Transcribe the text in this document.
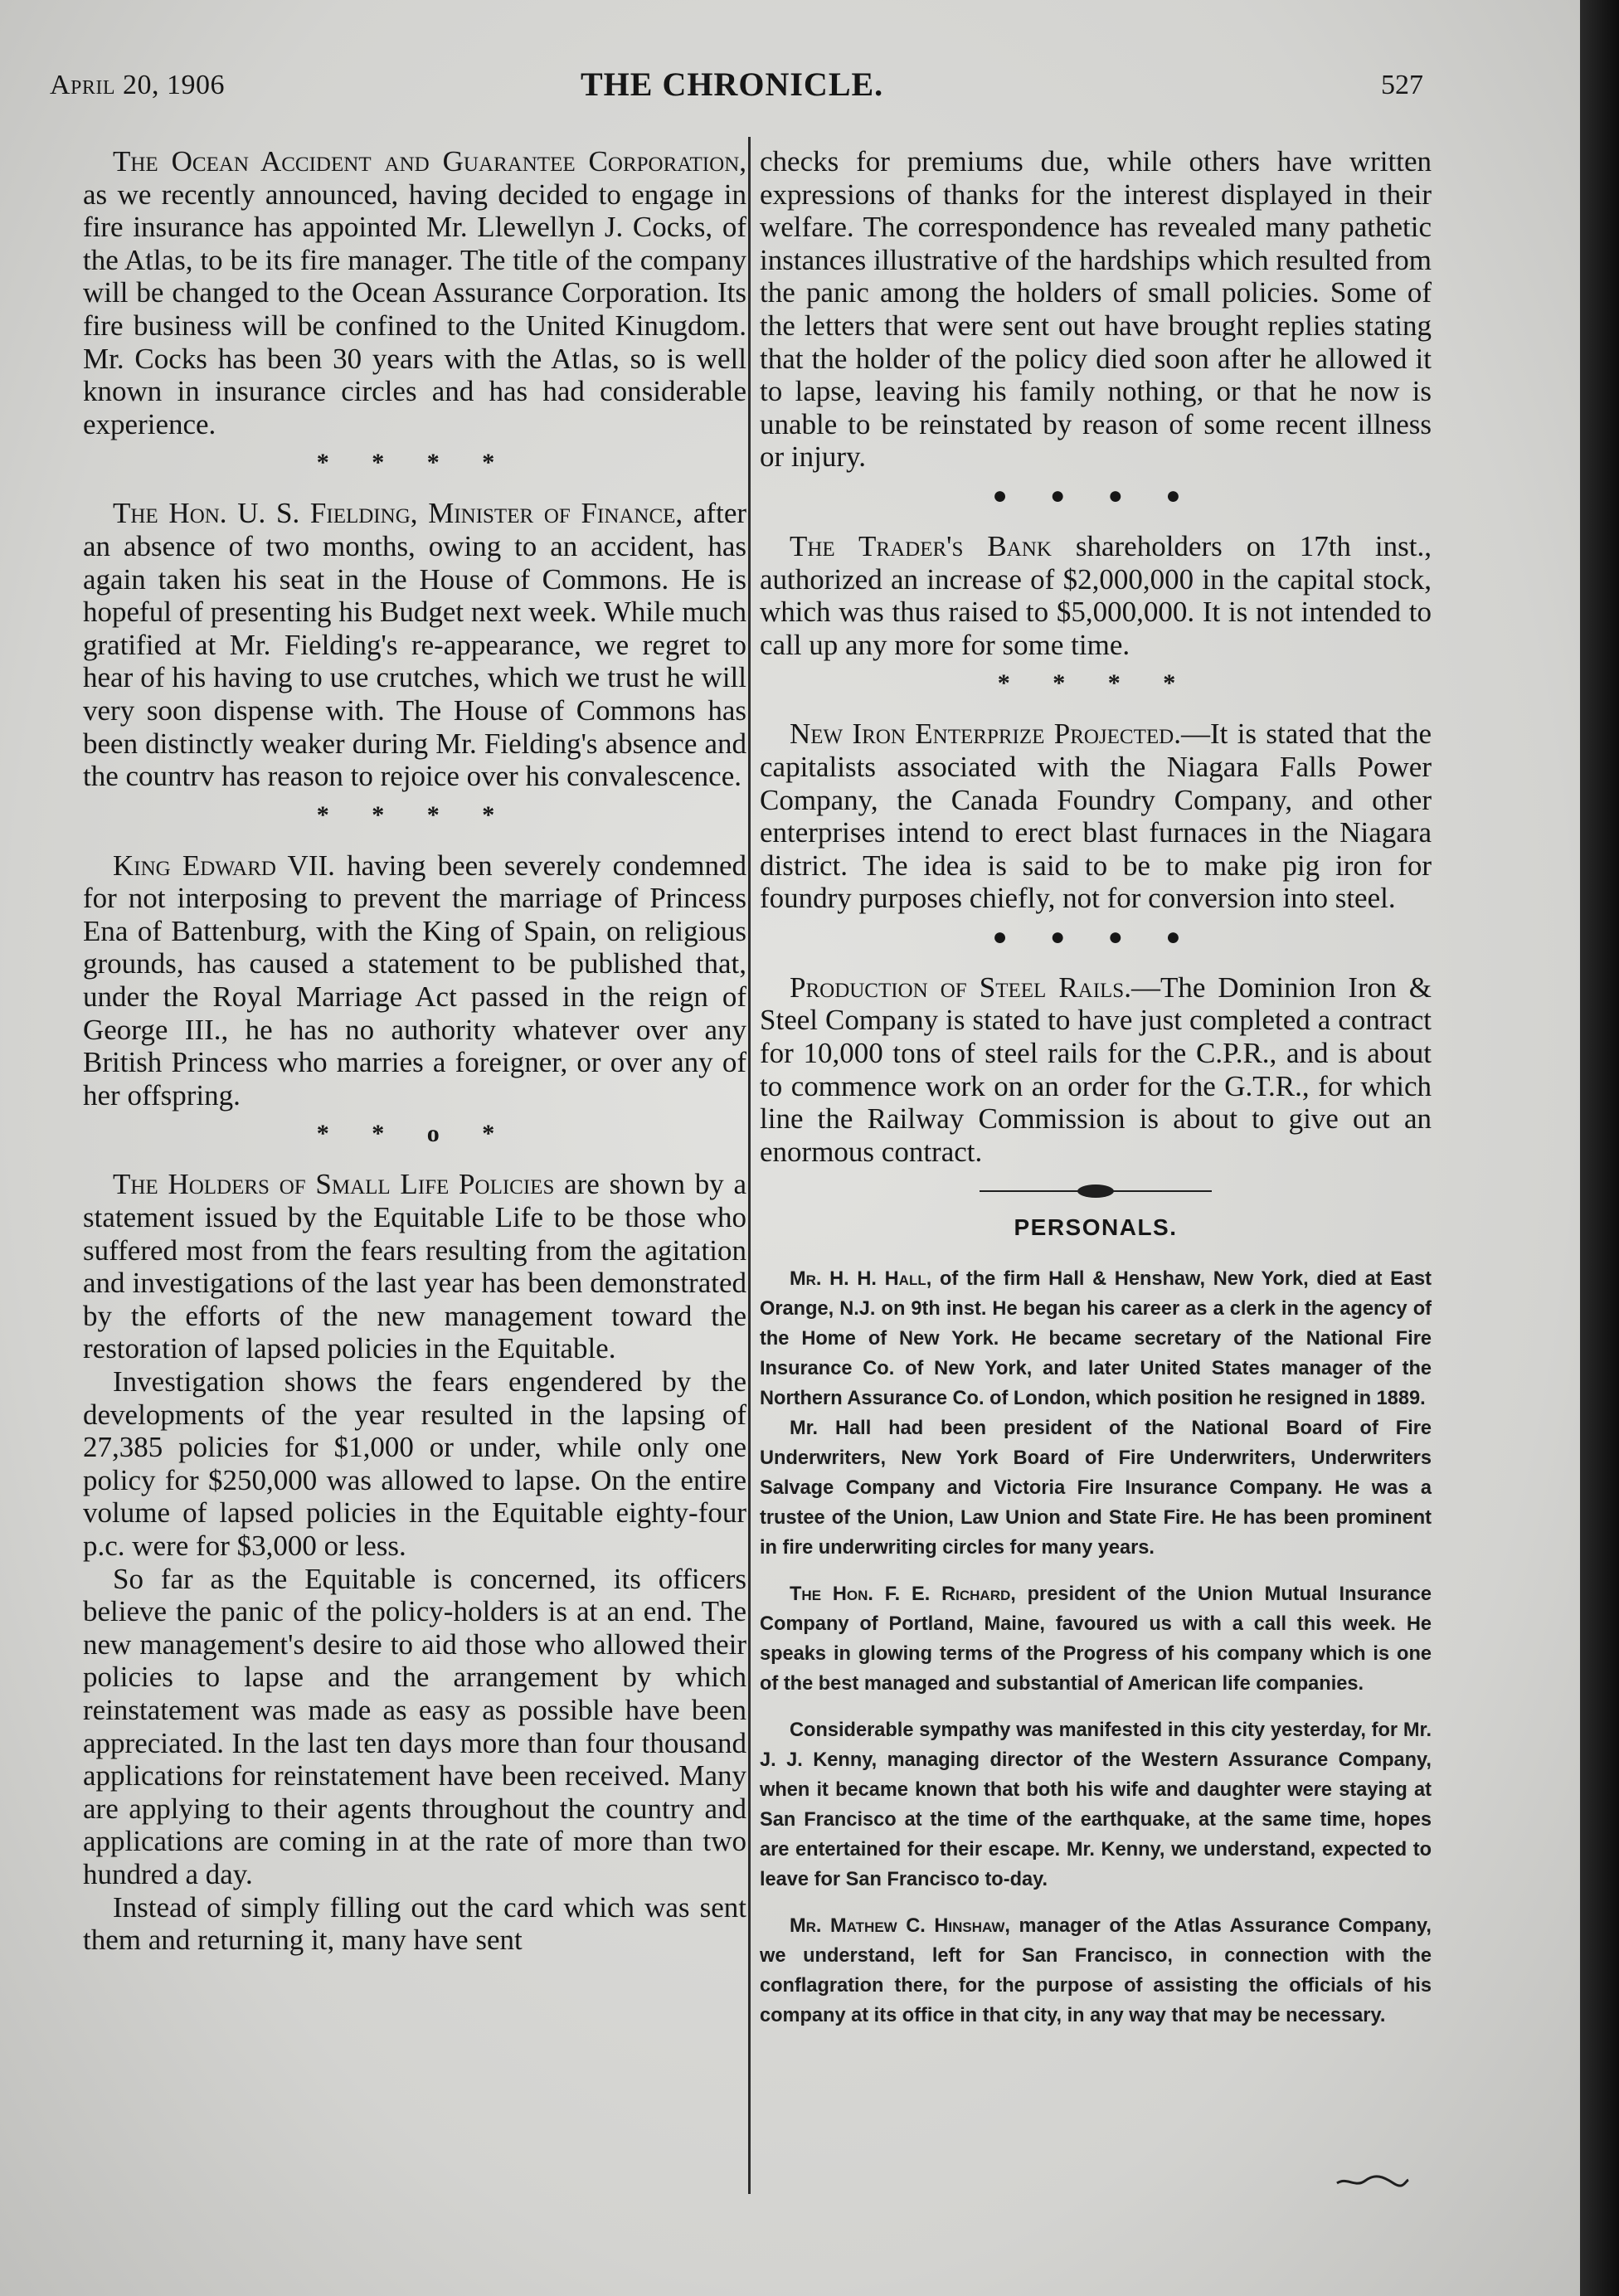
April 20, 1906	THE CHRONICLE.	527

The Ocean Accident and Guarantee Corporation, as we recently announced, having decided to engage in fire insurance has appointed Mr. Llewellyn J. Cocks, of the Atlas, to be its fire manager. The title of the company will be changed to the Ocean Assurance Corporation. Its fire business will be confined to the United Kinugdom. Mr. Cocks has been 30 years with the Atlas, so is well known in insurance circles and has had considerable experience.

* * * *

The Hon. U. S. Fielding, Minister of Finance, after an absence of two months, owing to an accident, has again taken his seat in the House of Commons. He is hopeful of presenting his Budget next week. While much gratified at Mr. Fielding's re-appearance, we regret to hear of his having to use crutches, which we trust he will very soon dispense with. The House of Commons has been distinctly weaker during Mr. Fielding's absence and the countrv has reason to rejoice over his convalescence.

* * * *

King Edward VII. having been severely condemned for not interposing to prevent the marriage of Princess Ena of Battenburg, with the King of Spain, on religious grounds, has caused a statement to be published that, under the Royal Marriage Act passed in the reign of George III., he has no authority whatever over any British Princess who marries a foreigner, or over any of her offspring.

* * o *

The Holders of Small Life Policies are shown by a statement issued by the Equitable Life to be those who suffered most from the fears resulting from the agitation and investigations of the last year has been demonstrated by the efforts of the new management toward the restoration of lapsed policies in the Equitable.

Investigation shows the fears engendered by the developments of the year resulted in the lapsing of 27,385 policies for $1,000 or under, while only one policy for $250,000 was allowed to lapse. On the entire volume of lapsed policies in the Equitable eighty-four p.c. were for $3,000 or less.

So far as the Equitable is concerned, its officers believe the panic of the policy-holders is at an end. The new management's desire to aid those who allowed their policies to lapse and the arrangement by which reinstatement was made as easy as possible have been appreciated. In the last ten days more than four thousand applications for reinstatement have been received. Many are applying to their agents throughout the country and applications are coming in at the rate of more than two hundred a day.

Instead of simply filling out the card which was sent them and returning it, many have sent

checks for premiums due, while others have written expressions of thanks for the interest displayed in their welfare. The correspondence has revealed many pathetic instances illustrative of the hardships which resulted from the panic among the holders of small policies. Some of the letters that were sent out have brought replies stating that the holder of the policy died soon after he allowed it to lapse, leaving his family nothing, or that he now is unable to be reinstated by reason of some recent illness or injury.

● ● ● ●

The Trader's Bank shareholders on 17th inst., authorized an increase of $2,000,000 in the capital stock, which was thus raised to $5,000,000. It is not intended to call up any more for some time.

* * * *

New Iron Enterprize Projected.—It is stated that the capitalists associated with the Niagara Falls Power Company, the Canada Foundry Company, and other enterprises intend to erect blast furnaces in the Niagara district. The idea is said to be to make pig iron for foundry purposes chiefly, not for conversion into steel.

● ● ● ●

Production of Steel Rails.—The Dominion Iron & Steel Company is stated to have just completed a contract for 10,000 tons of steel rails for the C.P.R., and is about to commence work on an order for the G.T.R., for which line the Railway Commission is about to give out an enormous contract.

PERSONALS.

Mr. H. H. Hall, of the firm Hall & Henshaw, New York, died at East Orange, N.J. on 9th inst. He began his career as a clerk in the agency of the Home of New York. He became secretary of the National Fire Insurance Co. of New York, and later United States manager of the Northern Assurance Co. of London, which position he resigned in 1889.

Mr. Hall had been president of the National Board of Fire Underwriters, New York Board of Fire Underwriters, Underwriters Salvage Company and Victoria Fire Insurance Company. He was a trustee of the Union, Law Union and State Fire. He has been prominent in fire underwriting circles for many years.

The Hon. F. E. Richard, president of the Union Mutual Insurance Company of Portland, Maine, favoured us with a call this week. He speaks in glowing terms of the Progress of his company which is one of the best managed and substantial of American life companies.

Considerable sympathy was manifested in this city yesterday, for Mr. J. J. Kenny, managing director of the Western Assurance Company, when it became known that both his wife and daughter were staying at San Francisco at the time of the earthquake, at the same time, hopes are entertained for their escape. Mr. Kenny, we understand, expected to leave for San Francisco to-day.

Mr. Mathew C. Hinshaw, manager of the Atlas Assurance Company, we understand, left for San Francisco, in connection with the conflagration there, for the purpose of assisting the officials of his company at its office in that city, in any way that may be necessary.
